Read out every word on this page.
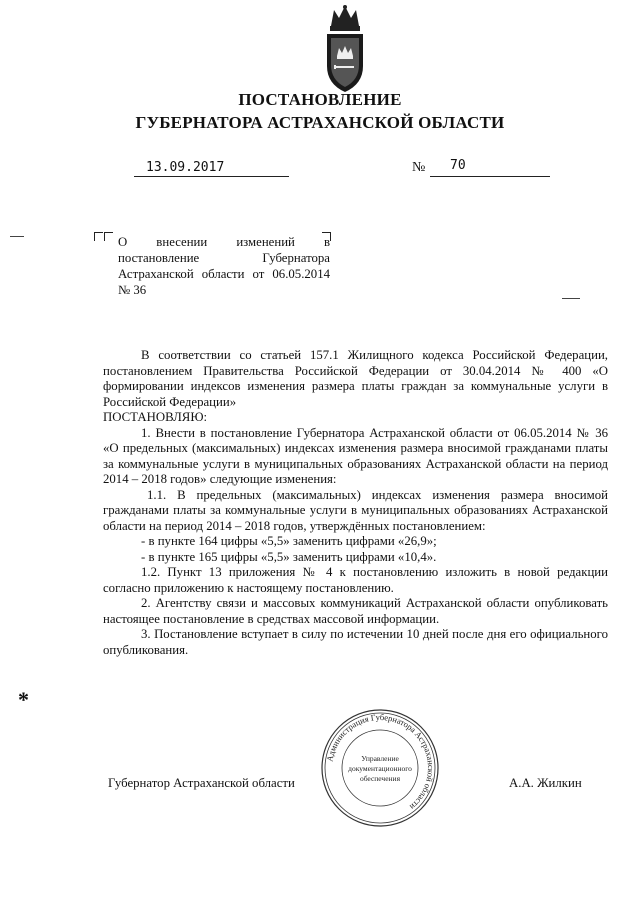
ПОСТАНОВЛЕНИЕ
ГУБЕРНАТОРА АСТРАХАНСКОЙ ОБЛАСТИ
13.09.2017	№ 70
О внесении изменений в постановление Губернатора Астраханской области от 06.05.2014 № 36

В соответствии со статьей 157.1 Жилищного кодекса Российской Федерации, постановлением Правительства Российской Федерации от 30.04.2014 № 400 «О формировании индексов изменения размера платы граждан за коммунальные услуги в Российской Федерации»

ПОСТАНОВЛЯЮ:

1. Внести в постановление Губернатора Астраханской области от 06.05.2014 № 36 «О предельных (максимальных) индексах изменения размера вносимой гражданами платы за коммунальные услуги в муниципальных образованиях Астраханской области на период 2014 – 2018 годов» следующие изменения:

1.1. В предельных (максимальных) индексах изменения размера вносимой гражданами платы за коммунальные услуги в муниципальных образованиях Астраханской области на период 2014 – 2018 годов, утверждённых постановлением:

- в пункте 164 цифры «5,5» заменить цифрами «26,9»;

- в пункте 165 цифры «5,5» заменить цифрами «10,4».

1.2. Пункт 13 приложения № 4 к постановлению изложить в новой редакции согласно приложению к настоящему постановлению.

2. Агентству связи и массовых коммуникаций Астраханской области опубликовать настоящее постановление в средствах массовой информации.

3. Постановление вступает в силу по истечении 10 дней после дня его официального опубликования.

Губернатор Астраханской области	А.А. Жилкин
Администрация Губернатора Астраханской области
Управление
документационного
обеспечения
*
